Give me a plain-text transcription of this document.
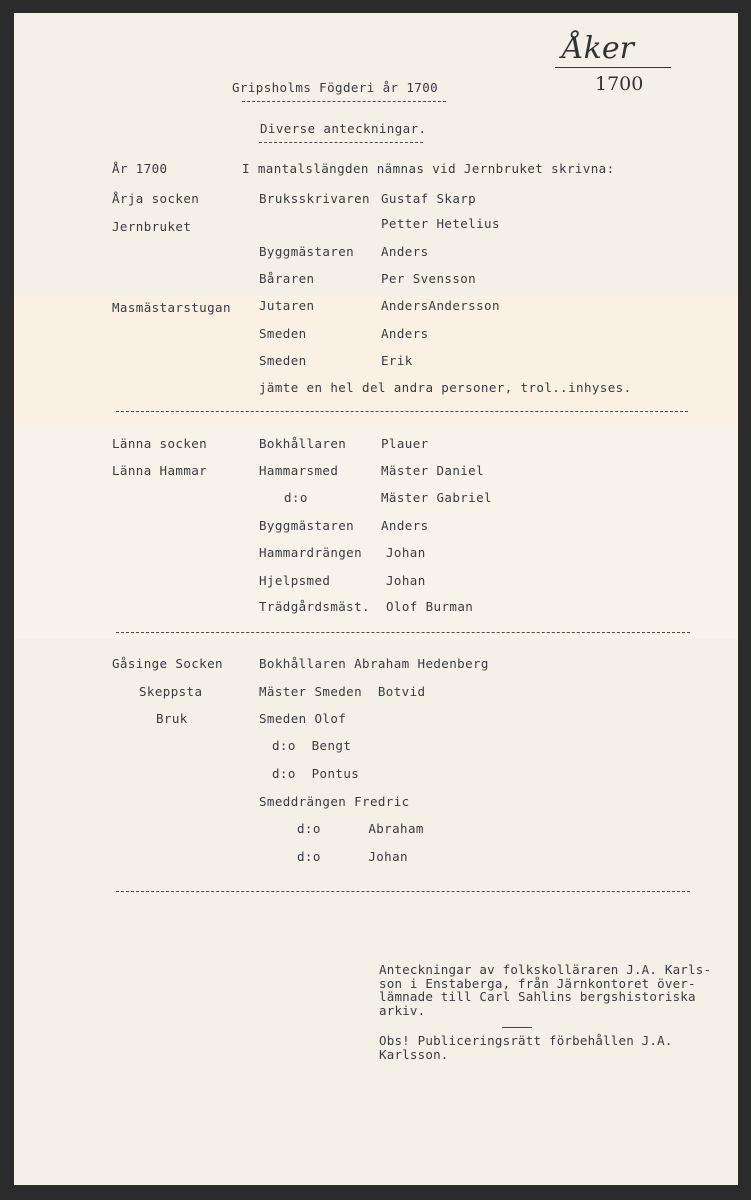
Åker
1700
Gripsholms Fögderi år 1700
Diverse anteckningar.
År 1700
Årja socken
Jernbruket
I mantalslängden nämnas vid Jernbruket skrivna:
Bruksskrivaren Gustaf Skarp
Petter Hetelius
Byggmästaren Anders
Båraren	Per Svensson
Masmästarstugan Jutaren	AndersAndersson
Smeden	Anders
Smeden	Erik
jämte en hel del andra personer, trol..inhyses.
Länna socken
Länna Hammar
Bokhållaren	Plauer
Hammarsmed	Mäster Daniel
d:o	Mäster Gabriel
Byggmästaren Anders
Hammardrängen Johan
Hjelpsmed	Johan
Trädgårdsmäst. Olof Burman
Gåsinge Socken
Skeppsta
Bruk
Bokhållaren Abraham Hedenberg
Mäster Smeden  Botvid
Smeden Olof
d:o  Bengt
d:o  Pontus
Smeddrängen Fredric
d:o      Abraham
d:o      Johan
Anteckningar av folkskolläraren J.A. Karls-
son i Enstaberga, från Järnkontoret över-
lämnade till Carl Sahlins bergshistoriska
arkiv.
Obs! Publiceringsrätt förbehållen J.A.
Karlsson.
